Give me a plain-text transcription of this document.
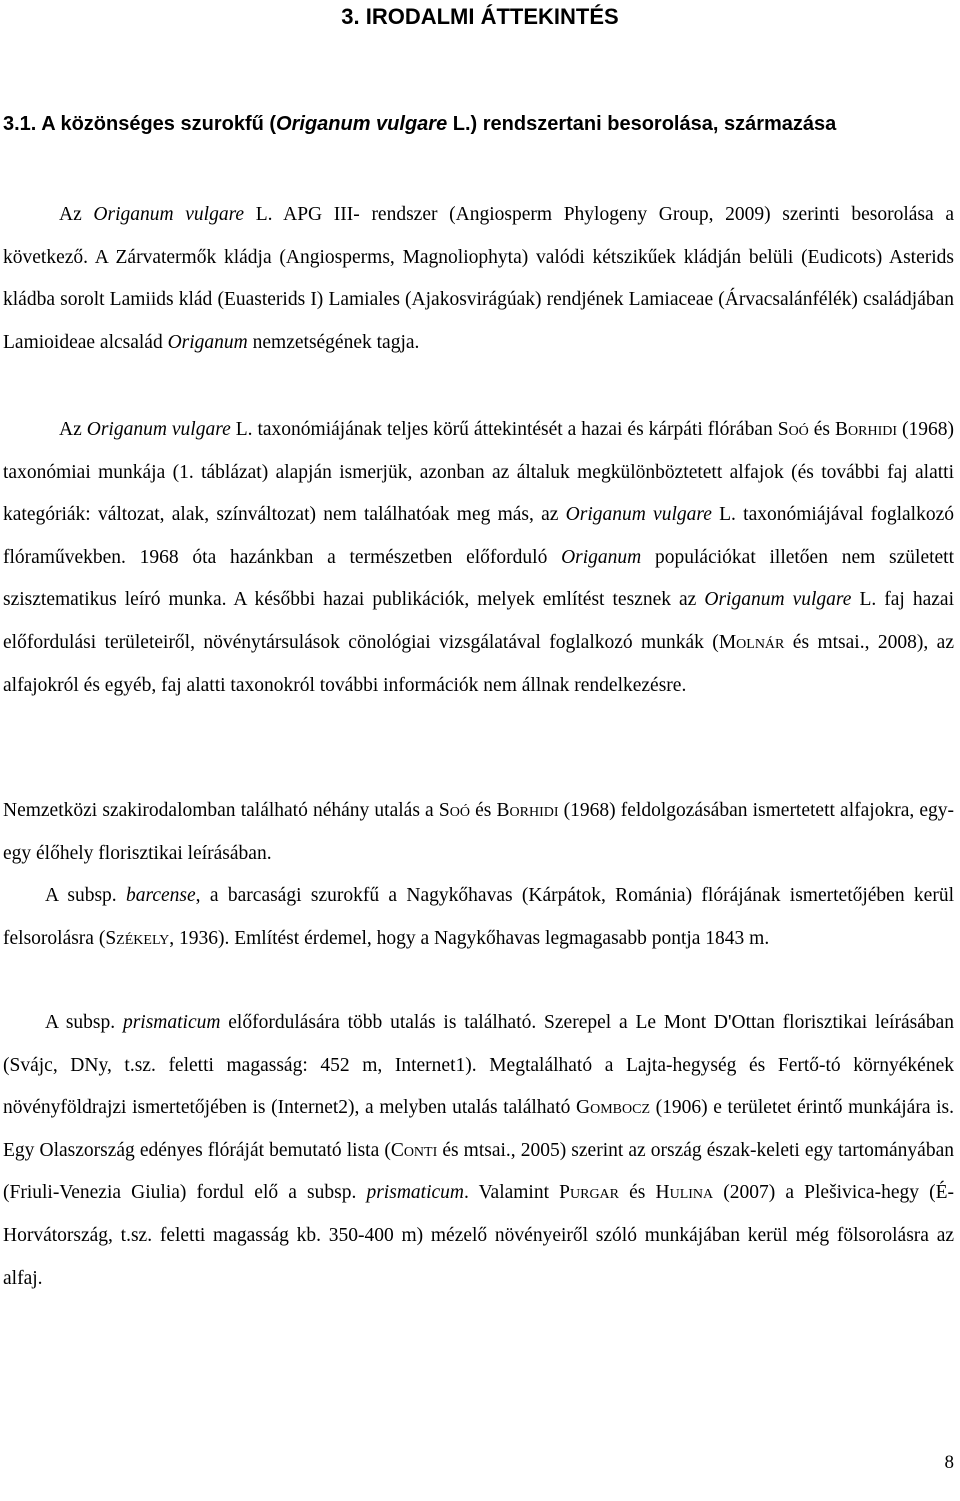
3. IRODALMI ÁTTEKINTÉS
3.1. A közönséges szurokfű (Origanum vulgare L.) rendszertani besorolása, származása

Az Origanum vulgare L. APG III- rendszer (Angiosperm Phylogeny Group, 2009) szerinti besorolása a következő. A Zárvatermők kládja (Angiosperms, Magnoliophyta) valódi kétszikűek kládján belüli (Eudicots) Asterids kládba sorolt Lamiids klád (Euasterids I) Lamiales (Ajakosvirágúak) rendjének Lamiaceae (Árvacsalánfélék) családjában Lamioideae alcsalád Origanum nemzetségének tagja.

Az Origanum vulgare L. taxonómiájának teljes körű áttekintését a hazai és kárpáti flórában Soó és Borhidi (1968) taxonómiai munkája (1. táblázat) alapján ismerjük, azonban az általuk megkülönböztetett alfajok (és további faj alatti kategóriák: változat, alak, színváltozat) nem találhatóak meg más, az Origanum vulgare L. taxonómiájával foglalkozó flóraművekben. 1968 óta hazánkban a természetben előforduló Origanum populációkat illetően nem született szisztematikus leíró munka. A későbbi hazai publikációk, melyek említést tesznek az Origanum vulgare L. faj hazai előfordulási területeiről, növénytársulások cönológiai vizsgálatával foglalkozó munkák (Molnár és mtsai., 2008), az alfajokról és egyéb, faj alatti taxonokról további információk nem állnak rendelkezésre.

Nemzetközi szakirodalomban található néhány utalás a Soó és Borhidi (1968) feldolgozásában ismertetett alfajokra, egy-egy élőhely florisztikai leírásában.

A subsp. barcense, a barcasági szurokfű a Nagykőhavas (Kárpátok, Románia) flórájának ismertetőjében kerül felsorolásra (Székely, 1936). Említést érdemel, hogy a Nagykőhavas legmagasabb pontja 1843 m.

A subsp. prismaticum előfordulására több utalás is található. Szerepel a Le Mont D'Ottan florisztikai leírásában (Svájc, DNy, t.sz. feletti magasság: 452 m, Internet1). Megtalálható a Lajta-hegység és Fertő-tó környékének növényföldrajzi ismertetőjében is (Internet2), a melyben utalás található Gombocz (1906) e területet érintő munkájára is. Egy Olaszország edényes flóráját bemutató lista (Conti és mtsai., 2005) szerint az ország észak-keleti egy tartományában (Friuli-Venezia Giulia) fordul elő a subsp. prismaticum. Valamint Purgar és Hulina (2007) a Plešivica-hegy (É-Horvátország, t.sz. feletti magasság kb. 350-400 m) mézelő növényeiről szóló munkájában kerül még fölsorolásra az alfaj.

8
